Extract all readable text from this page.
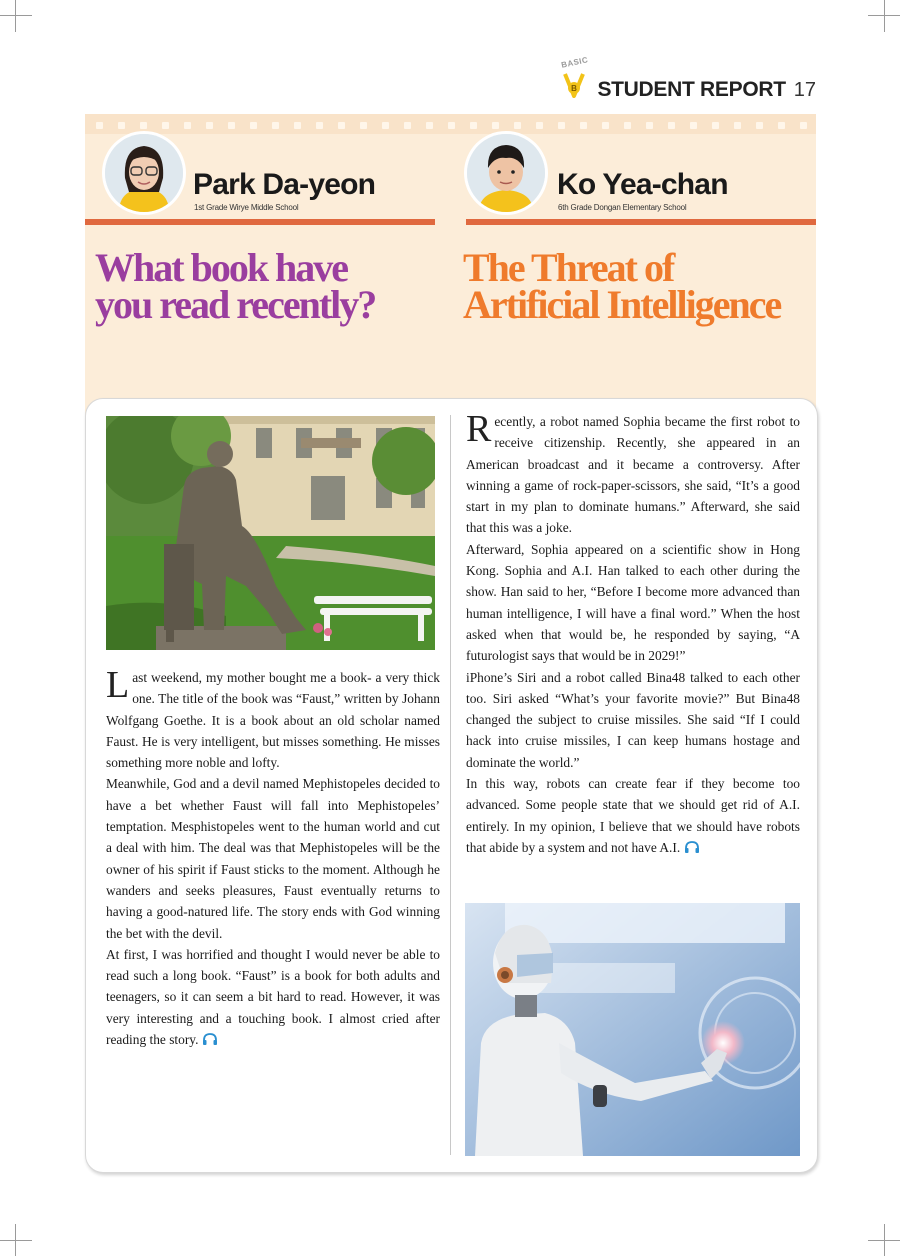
BASIC
B STUDENT REPORT 17
Park Da-yeon
1st Grade Wirye Middle School
Ko Yea-chan
6th Grade Dongan Elementary School
What book have
you read recently?
The Threat of
Artificial Intelligence

Last weekend, my mother bought me a book- a very thick one. The title of the book was “Faust,” written by Johann Wolfgang Goethe. It is a book about an old scholar named Faust. He is very intelligent, but misses something. He misses something more noble and lofty.

Meanwhile, God and a devil named Mephistopeles decided to have a bet whether Faust will fall into Mephistopeles’ temptation. Mesphistopeles went to the human world and cut a deal with him. The deal was that Mephistopeles will be the owner of his spirit if Faust sticks to the moment. Although he wanders and seeks pleasures, Faust eventually returns to having a good-natured life. The story ends with God winning the bet with the devil.

At first, I was horrified and thought I would never be able to read such a long book. “Faust” is a book for both adults and teenagers, so it can seem a bit hard to read. However, it was very interesting and a touching book. I almost cried after reading the story.

Recently, a robot named Sophia became the first robot to receive citizenship. Recently, she appeared in an American broadcast and it became a controversy. After winning a game of rock-paper-scissors, she said, “It’s a good start in my plan to dominate humans.” Afterward, she said that this was a joke.

Afterward, Sophia appeared on a scientific show in Hong Kong. Sophia and A.I. Han talked to each other during the show. Han said to her, “Before I become more advanced than human intelligence, I will have a final word.” When the host asked when that would be, he responded by saying, “A futurologist says that would be in 2029!”

iPhone’s Siri and a robot called Bina48 talked to each other too. Siri asked “What’s your favorite movie?” But Bina48 changed the subject to cruise missiles. She said “If I could hack into cruise missiles, I can keep humans hostage and dominate the world.”

In this way, robots can create fear if they become too advanced. Some people state that we should get rid of A.I. entirely. In my opinion, I believe that we should have robots that abide by a system and not have A.I.
